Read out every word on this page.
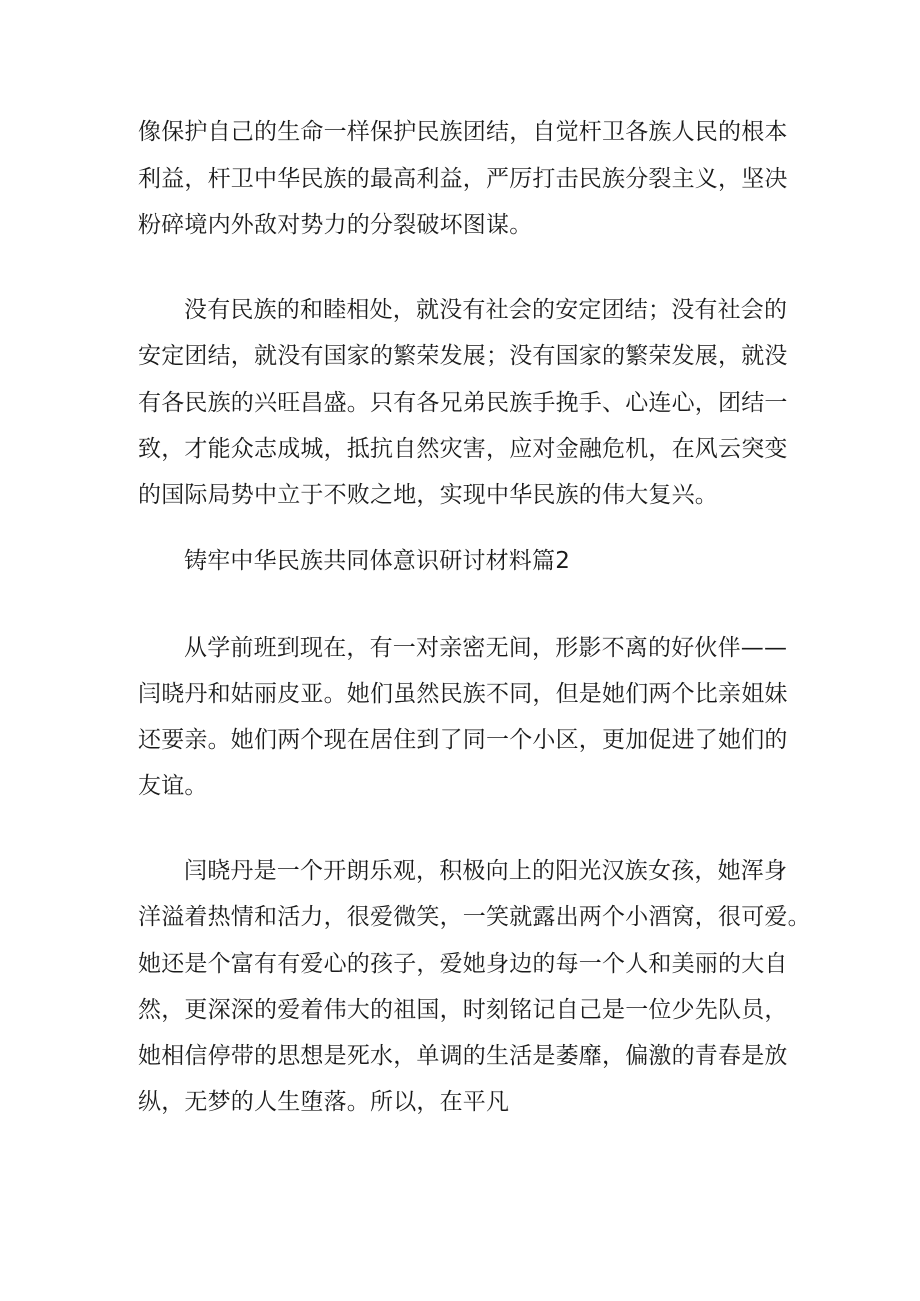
像保护自己的生命一样保护民族团结，自觉杆卫各族人民的根本
利益，杆卫中华民族的最高利益，严厉打击民族分裂主义，坚决
粉碎境内外敌对势力的分裂破坏图谋。
没有民族的和睦相处，就没有社会的安定团结；没有社会的
安定团结，就没有国家的繁荣发展；没有国家的繁荣发展，就没
有各民族的兴旺昌盛。只有各兄弟民族手挽手、心连心，团结一
致，才能众志成城，抵抗自然灾害，应对金融危机，在风云突变
的国际局势中立于不败之地，实现中华民族的伟大复兴。
铸牢中华民族共同体意识研讨材料篇2
从学前班到现在，有一对亲密无间，形影不离的好伙伴——
闫晓丹和姑丽皮亚。她们虽然民族不同，但是她们两个比亲姐妹
还要亲。她们两个现在居住到了同一个小区，更加促进了她们的
友谊。
闫晓丹是一个开朗乐观，积极向上的阳光汉族女孩，她浑身
洋溢着热情和活力，很爱微笑，一笑就露出两个小酒窝，很可爱。
她还是个富有有爱心的孩子，爱她身边的每一个人和美丽的大自
然，更深深的爱着伟大的祖国，时刻铭记自己是一位少先队员，
她相信停带的思想是死水，单调的生活是萎靡，偏激的青春是放
纵，无梦的人生堕落。所以，在平凡
